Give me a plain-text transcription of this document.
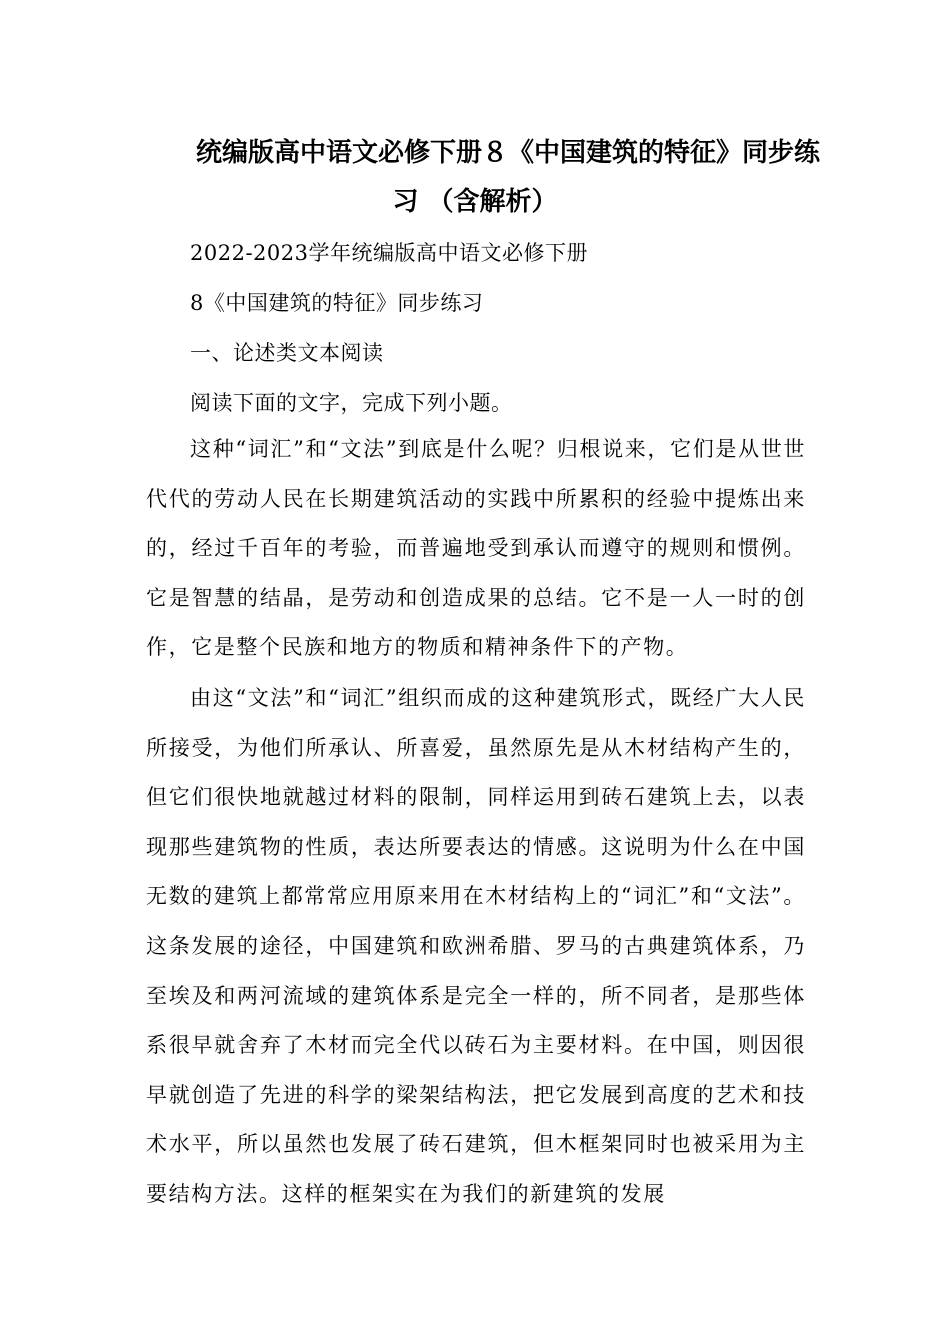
统编版高中语文必修下册８《中国建筑的特征》同步练
习 （含解析）
2022-2023学年统编版高中语文必修下册
8《中国建筑的特征》同步练习
一、论述类文本阅读
阅读下面的文字，完成下列小题。
这种“词汇”和“文法”到底是什么呢？归根说来，它们是从世世代代的劳动人民在长期建筑活动的实践中所累积的经验中提炼出来的，经过千百年的考验，而普遍地受到承认而遵守的规则和惯例。它是智慧的结晶，是劳动和创造成果的总结。它不是一人一时的创作，它是整个民族和地方的物质和精神条件下的产物。
由这“文法”和“词汇”组织而成的这种建筑形式，既经广大人民所接受，为他们所承认、所喜爱，虽然原先是从木材结构产生的，但它们很快地就越过材料的限制，同样运用到砖石建筑上去，以表现那些建筑物的性质，表达所要表达的情感。这说明为什么在中国无数的建筑上都常常应用原来用在木材结构上的“词汇”和“文法”。这条发展的途径，中国建筑和欧洲希腊、罗马的古典建筑体系，乃至埃及和两河流域的建筑体系是完全一样的，所不同者，是那些体系很早就舍弃了木材而完全代以砖石为主要材料。在中国，则因很早就创造了先进的科学的梁架结构法，把它发展到高度的艺术和技术水平，所以虽然也发展了砖石建筑，但木框架同时也被采用为主要结构方法。这样的框架实在为我们的新建筑的发展
